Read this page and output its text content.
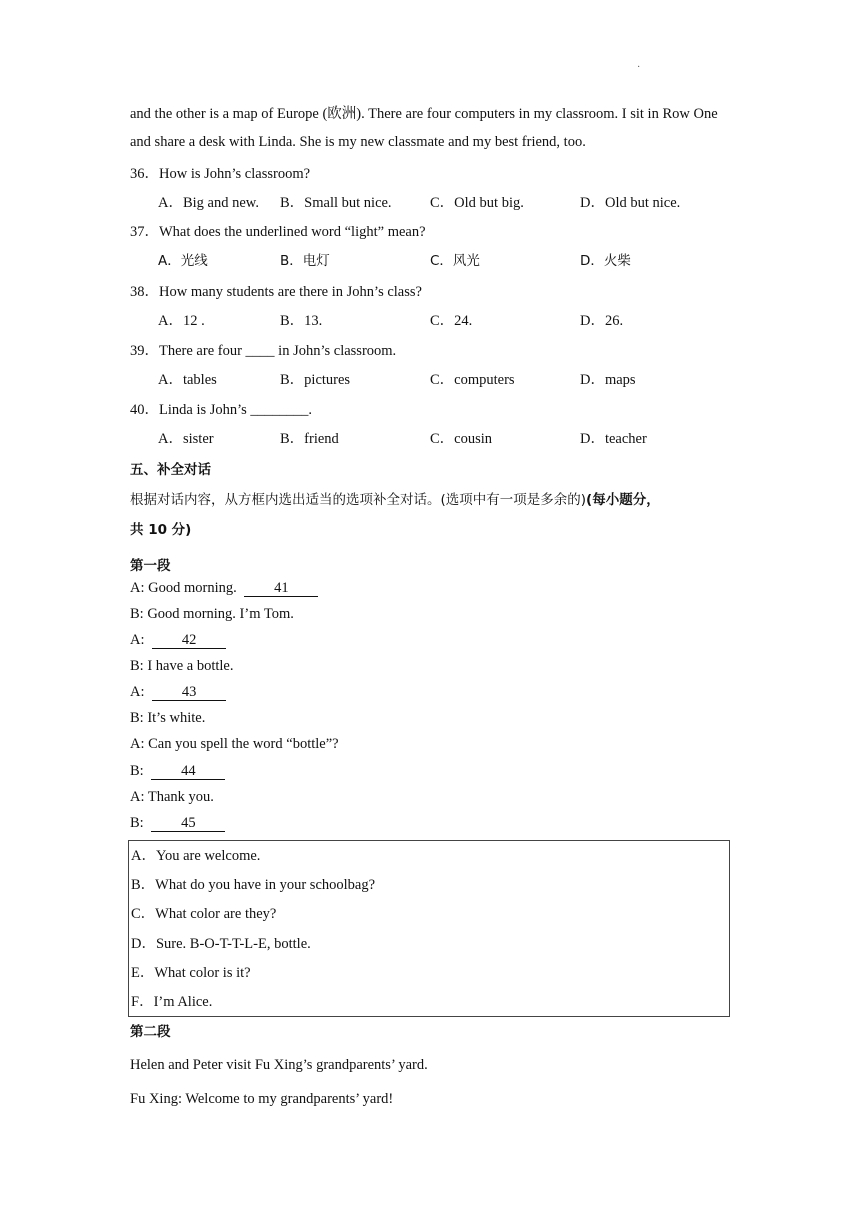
·
and the other is a map of Europe (欧洲). There are four computers in my classroom. I sit in Row One and share a desk with Linda. She is my new classmate and my best friend, too.
36．How is John’s classroom?
A．Big and new. B．Small but nice.	C．Old but big.	D．Old but nice.
37．What does the underlined word “light” mean?
A．光线	B．电灯	C．风光	D．火柴
38．How many students are there in John’s class?
A．12 .	B．13.	C．24.	D．26.
39．There are four ____ in John’s classroom.
A．tables	B．pictures	C．computers	D．maps
40．Linda is John’s ________.
A．sister	B．friend	C．cousin	D．teacher
五、补全对话
根据对话内容，从方框内选出适当的选项补全对话。(选项中有一项是多余的)(每小题分，
共 10 分)
第一段
A: Good morning. 41
B: Good morning. I’m Tom.
A: 42
B: I have a bottle.
A: 43
B: It’s white.
A: Can you spell the word “bottle”?
B: 44
A: Thank you.
B: 45
A．You are welcome.
B．What do you have in your schoolbag?
C．What color are they?
D．Sure. B-O-T-T-L-E, bottle.
E．What color is it?
F．I’m Alice.
第二段
Helen and Peter visit Fu Xing’s grandparents’ yard.
Fu Xing: Welcome to my grandparents’ yard!
